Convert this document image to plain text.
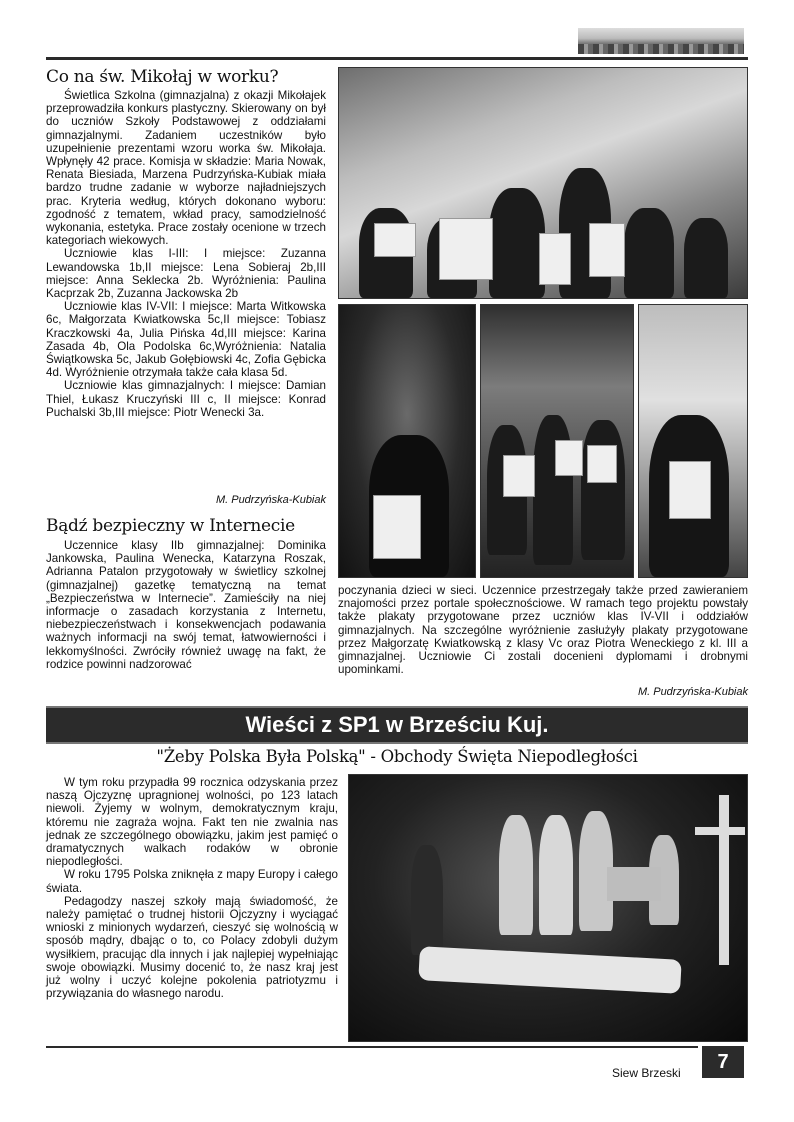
Co na św. Mikołaj w worku?

Świetlica Szkolna (gimnazjalna) z okazji Mikołajek przeprowadziła konkurs plastyczny. Skierowany on był do uczniów Szkoły Podstawowej z oddziałami gimnazjalnymi. Zadaniem uczestników było uzupełnienie prezentami wzoru worka św. Mikołaja. Wpłynęły 42 prace. Komisja w składzie: Maria Nowak, Renata Biesiada, Marzena Pudrzyńska-Kubiak miała bardzo trudne zadanie w wyborze najładniejszych prac. Kryteria według, których dokonano wyboru: zgodność z tematem, wkład pracy, samodzielność wykonania, estetyka. Prace zostały ocenione w trzech kategoriach wiekowych.

Uczniowie klas I-III: I miejsce: Zuzanna Lewandowska 1b,II miejsce: Lena Sobieraj 2b,III miejsce: Anna Seklecka 2b. Wyróżnienia: Paulina Kacprzak 2b, Zuzanna Jackowska 2b

Uczniowie klas IV-VII: I miejsce: Marta Witkowska 6c, Małgorzata Kwiatkowska 5c,II miejsce: Tobiasz Kraczkowski 4a, Julia Pińska 4d,III miejsce: Karina Zasada 4b, Ola Podolska 6c,Wyróżnienia: Natalia Świątkowska 5c, Jakub Gołębiowski 4c, Zofia Gębicka 4d. Wyróżnienie otrzymała także cała klasa 5d.

Uczniowie klas gimnazjalnych: I miejsce: Damian Thiel, Łukasz Kruczyński III c, II miejsce: Konrad Puchalski 3b,III miejsce: Piotr Wenecki 3a.

M. Pudrzyńska-Kubiak
Bądź bezpieczny w Internecie

Uczennice klasy IIb gimnazjalnej: Dominika Jankowska, Paulina Wenecka, Katarzyna Roszak, Adrianna Patalon przygotowały w świetlicy szkolnej (gimnazjalnej) gazetkę tematyczną na temat „Bezpieczeństwa w Internecie”. Zamieściły na niej informacje o zasadach korzystania z Internetu, niebezpieczeństwach i konsekwencjach podawania ważnych informacji na swój temat, łatwowierności i lekkomyślności. Zwróciły również uwagę na fakt, że rodzice powinni nadzorować

poczynania dzieci w sieci. Uczennice przestrzegały także przed zawieraniem znajomości przez portale społecznościowe. W ramach tego projektu powstały także plakaty przygotowane przez uczniów klas IV-VII i oddziałów gimnazjalnych. Na szczególne wyróżnienie zasłużyły plakaty przygotowane przez Małgorzatę Kwiatkowską z klasy Vc oraz Piotra Weneckiego z kl. III a gimnazjalnej. Uczniowie Ci zostali docenieni dyplomami i drobnymi upominkami.

M. Pudrzyńska-Kubiak
Wieści z SP1 w Brześciu Kuj.
"Żeby Polska Była Polską" - Obchody Święta Niepodległości

W tym roku przypadła 99 rocznica odzyskania przez naszą Ojczyznę upragnionej wolności, po 123 latach niewoli. Żyjemy w wolnym, demokratycznym kraju, któremu nie zagraża wojna. Fakt ten nie zwalnia nas jednak ze szczególnego obowiązku, jakim jest pamięć o dramatycznych walkach rodaków w obronie niepodległości.

W roku 1795 Polska zniknęła z mapy Europy i całego świata.

Pedagodzy naszej szkoły mają świadomość, że należy pamiętać o trudnej historii Ojczyzny i wyciągać wnioski z minionych wydarzeń, cieszyć się wolnością w sposób mądry, dbając o to, co Polacy zdobyli dużym wysiłkiem, pracując dla innych i jak najlepiej wypełniając swoje obowiązki. Musimy docenić to, że nasz kraj jest już wolny i uczyć kolejne pokolenia patriotyzmu i przywiązania do własnego narodu.

Siew Brzeski	7
